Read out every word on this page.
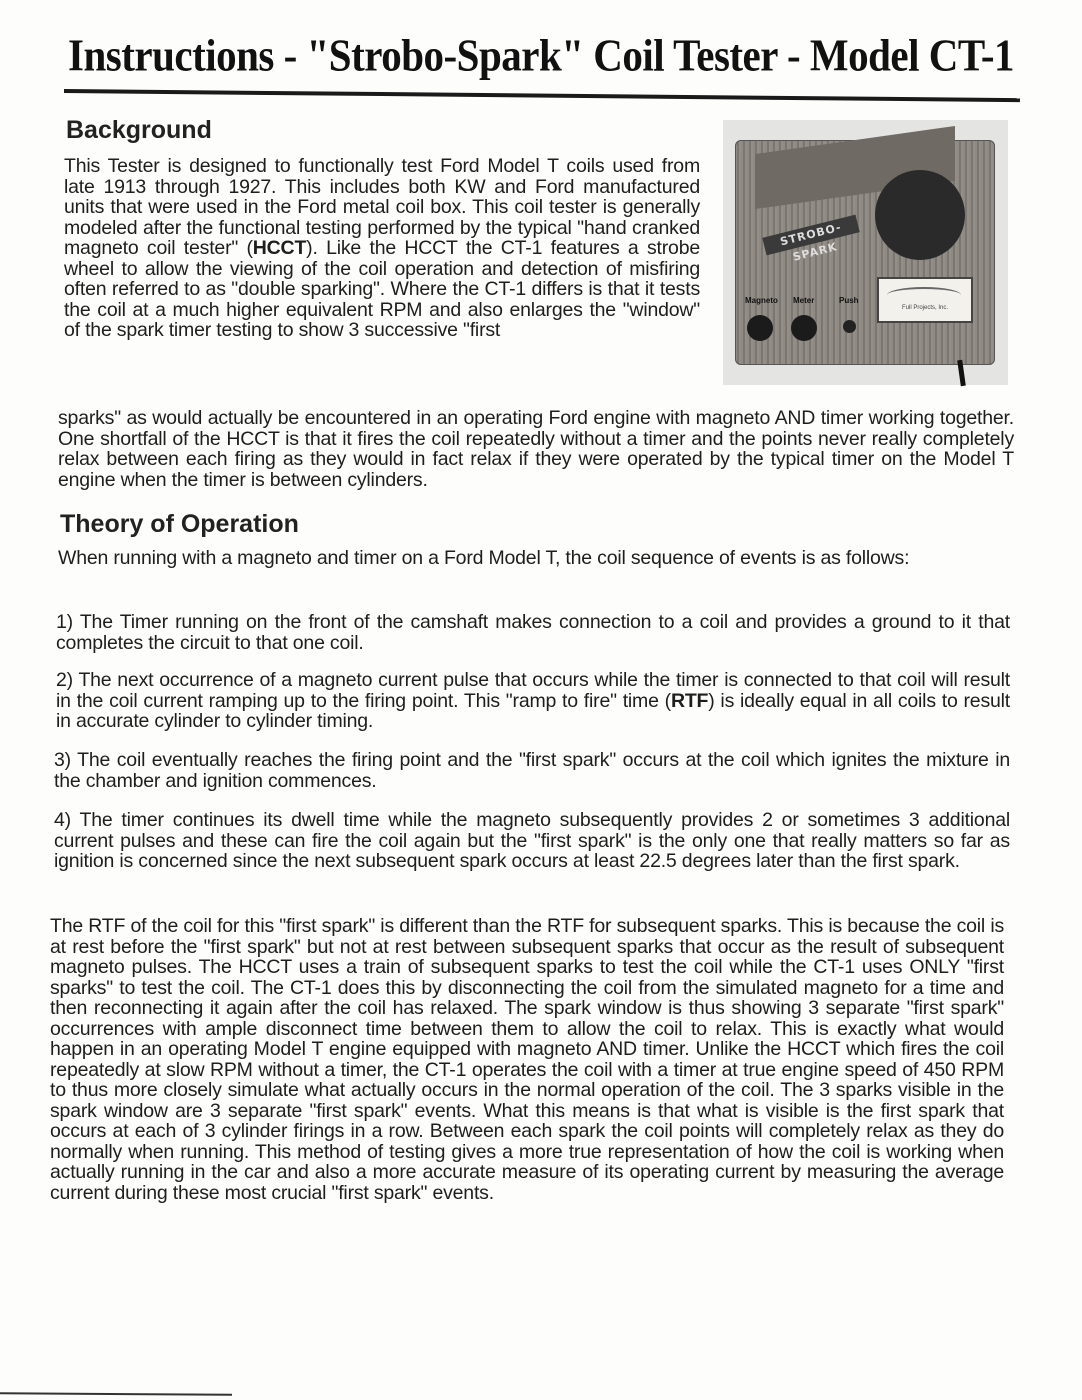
Instructions - "Strobo-Spark" Coil Tester - Model CT-1
Background
This Tester is designed to functionally test Ford Model T coils used from late 1913 through 1927. This includes both KW and Ford manufactured units that were used in the Ford metal coil box. This coil tester is generally modeled after the functional testing performed by the typical "hand cranked magneto coil tester" (HCCT). Like the HCCT the CT-1 features a strobe wheel to allow the viewing of the coil operation and detection of misfiring often referred to as "double sparking". Where the CT-1 differs is that it tests the coil at a much higher equivalent RPM and also enlarges the "window" of the spark timer testing to show 3 successive "first
sparks" as would actually be encountered in an operating Ford engine with magneto AND timer working together. One shortfall of the HCCT is that it fires the coil repeatedly without a timer and the points never really completely relax between each firing as they would in fact relax if they were operated by the typical timer on the Model T engine when the timer is between cylinders.
STROBO-SPARK
Full Projects, Inc.
Magneto Meter	Push
Theory of Operation
When running with a magneto and timer on a Ford Model T, the coil sequence of events is as follows:
1) The Timer running on the front of the camshaft makes connection to a coil and provides a ground to it that completes the circuit to that one coil.
2) The next occurrence of a magneto current pulse that occurs while the timer is connected to that coil will result in the coil current ramping up to the firing point. This "ramp to fire" time (RTF) is ideally equal in all coils to result in accurate cylinder to cylinder timing.
3) The coil eventually reaches the firing point and the "first spark" occurs at the coil which ignites the mixture in the chamber and ignition commences.
4) The timer continues its dwell time while the magneto subsequently provides 2 or sometimes 3 additional current pulses and these can fire the coil again but the "first spark" is the only one that really matters so far as ignition is concerned since the next subsequent spark occurs at least 22.5 degrees later than the first spark.
The RTF of the coil for this "first spark" is different than the RTF for subsequent sparks. This is because the coil is at rest before the "first spark" but not at rest between subsequent sparks that occur as the result of subsequent magneto pulses. The HCCT uses a train of subsequent sparks to test the coil while the CT-1 uses ONLY "first sparks" to test the coil. The CT-1 does this by disconnecting the coil from the simulated magneto for a time and then reconnecting it again after the coil has relaxed. The spark window is thus showing 3 separate "first spark" occurrences with ample disconnect time between them to allow the coil to relax. This is exactly what would happen in an operating Model T engine equipped with magneto AND timer. Unlike the HCCT which fires the coil repeatedly at slow RPM without a timer, the CT-1 operates the coil with a timer at true engine speed of 450 RPM to thus more closely simulate what actually occurs in the normal operation of the coil. The 3 sparks visible in the spark window are 3 separate "first spark" events. What this means is that what is visible is the first spark that occurs at each of 3 cylinder firings in a row. Between each spark the coil points will completely relax as they do normally when running. This method of testing gives a more true representation of how the coil is working when actually running in the car and also a more accurate measure of its operating current by measuring the average current during these most crucial "first spark" events.
